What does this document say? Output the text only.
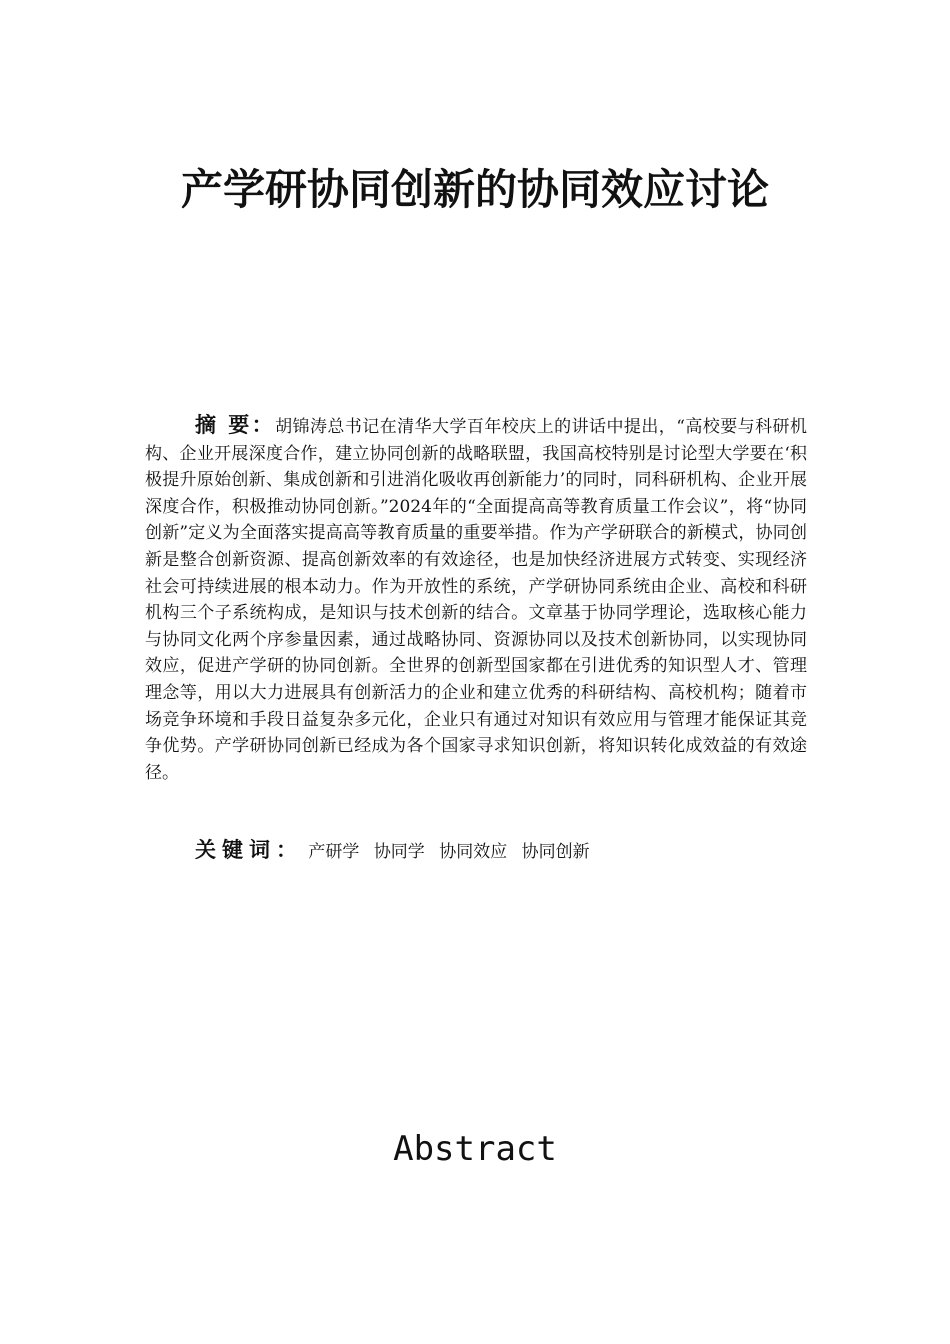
产学研协同创新的协同效应讨论
摘 要：胡锦涛总书记在清华大学百年校庆上的讲话中提出，“高校要与科研机构、企业开展深度合作，建立协同创新的战略联盟，我国高校特别是讨论型大学要在‘积极提升原始创新、集成创新和引进消化吸收再创新能力’的同时，同科研机构、企业开展深度合作，积极推动协同创新。”2024年的“全面提高高等教育质量工作会议”，将“协同创新”定义为全面落实提高高等教育质量的重要举措。作为产学研联合的新模式，协同创新是整合创新资源、提高创新效率的有效途径，也是加快经济进展方式转变、实现经济社会可持续进展的根本动力。作为开放性的系统，产学研协同系统由企业、高校和科研机构三个子系统构成，是知识与技术创新的结合。文章基于协同学理论，选取核心能力与协同文化两个序参量因素，通过战略协同、资源协同以及技术创新协同，以实现协同效应，促进产学研的协同创新。全世界的创新型国家都在引进优秀的知识型人才、管理理念等，用以大力进展具有创新活力的企业和建立优秀的科研结构、高校机构；随着市场竞争环境和手段日益复杂多元化，企业只有通过对知识有效应用与管理才能保证其竞争优势。产学研协同创新已经成为各个国家寻求知识创新，将知识转化成效益的有效途径。
关键词： 产研学 协同学 协同效应 协同创新
Abstract
